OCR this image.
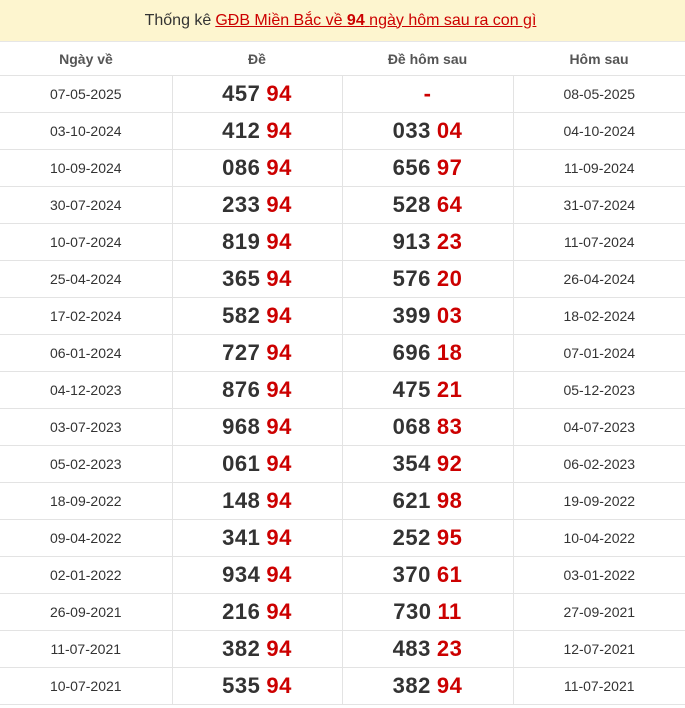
Thống kê GĐB Miền Bắc về 94 ngày hôm sau ra con gì
Ngày về	Đề	Đề hôm sau	Hôm sau
07-05-2025	457 94	-	08-05-2025
03-10-2024	412 94	033 04	04-10-2024
10-09-2024	086 94	656 97	11-09-2024
30-07-2024	233 94	528 64	31-07-2024
10-07-2024	819 94	913 23	11-07-2024
25-04-2024	365 94	576 20	26-04-2024
17-02-2024	582 94	399 03	18-02-2024
06-01-2024	727 94	696 18	07-01-2024
04-12-2023	876 94	475 21	05-12-2023
03-07-2023	968 94	068 83	04-07-2023
05-02-2023	061 94	354 92	06-02-2023
18-09-2022	148 94	621 98	19-09-2022
09-04-2022	341 94	252 95	10-04-2022
02-01-2022	934 94	370 61	03-01-2022
26-09-2021	216 94	730 11	27-09-2021
11-07-2021	382 94	483 23	12-07-2021
10-07-2021	535 94	382 94	11-07-2021
